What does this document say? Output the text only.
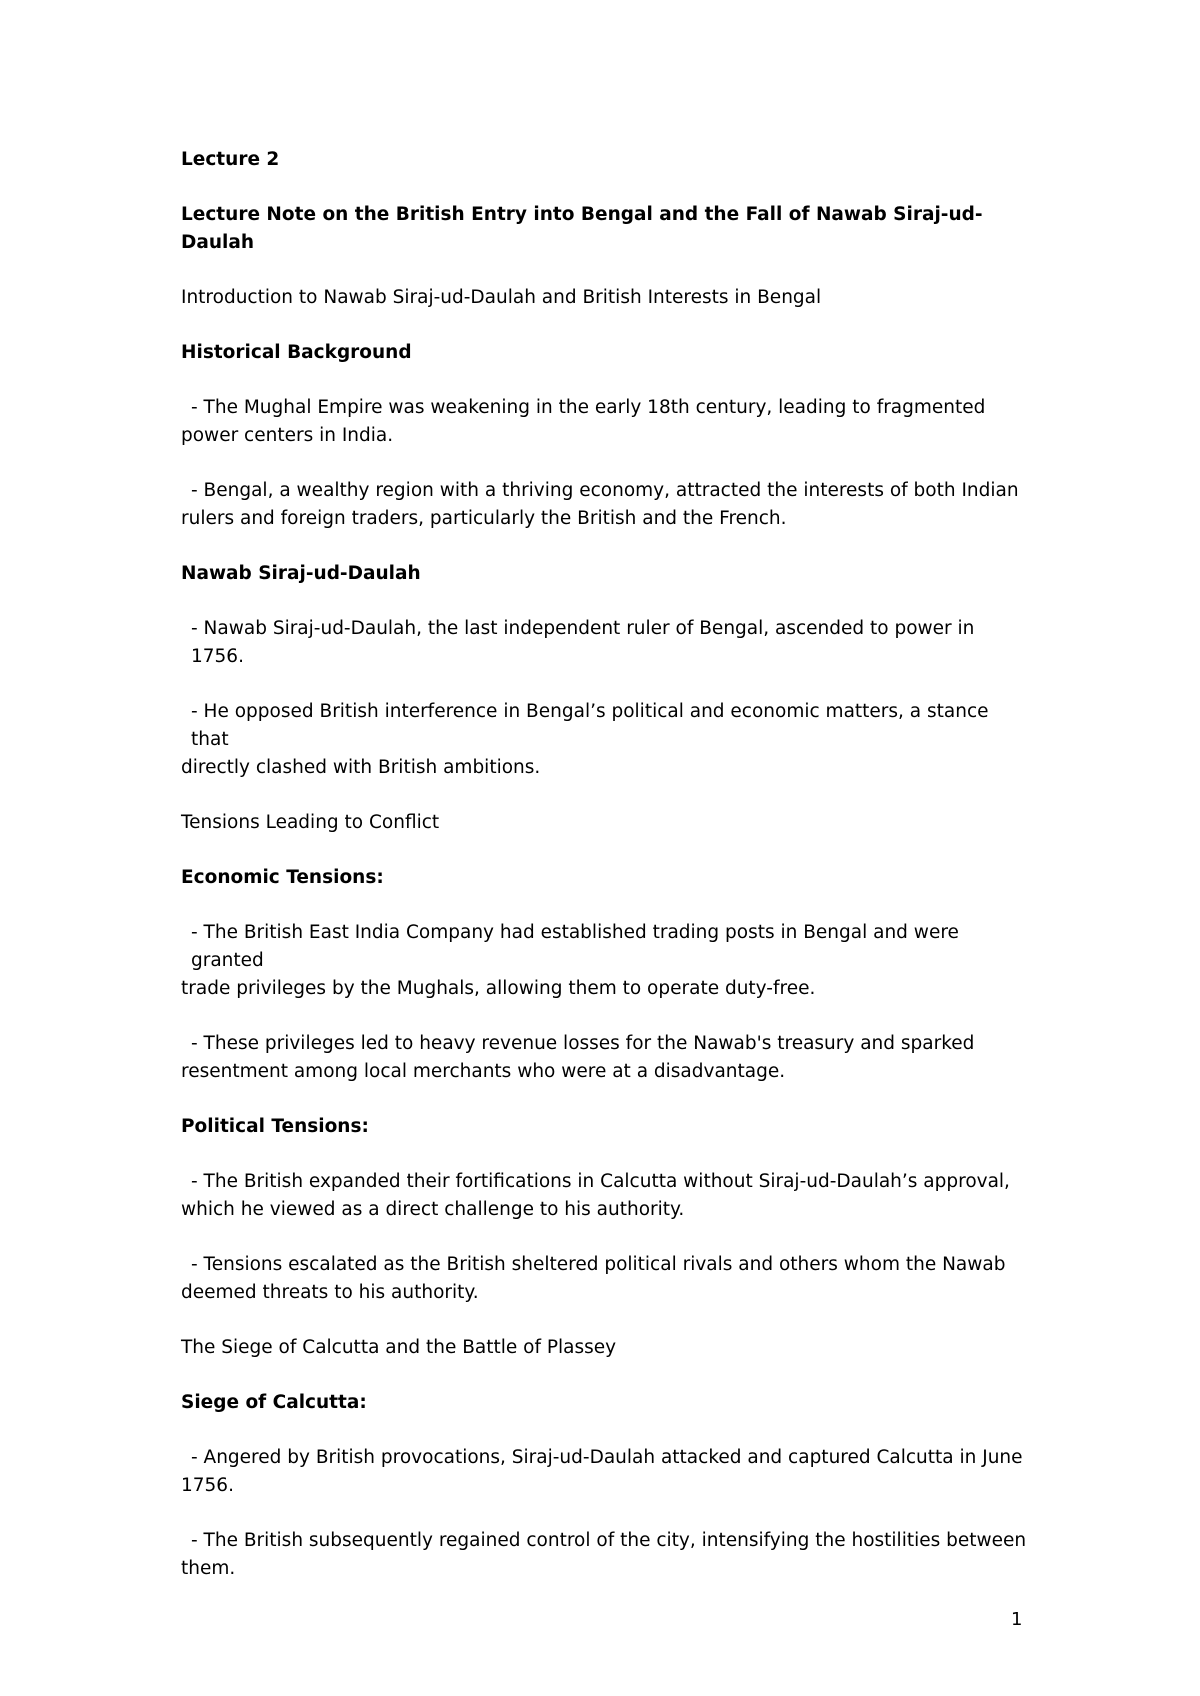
Lecture 2

Lecture Note on the British Entry into Bengal and the Fall of Nawab Siraj-ud-Daulah

Introduction to Nawab Siraj-ud-Daulah and British Interests in Bengal

Historical Background

- The Mughal Empire was weakening in the early 18th century, leading to fragmented

power centers in India.

- Bengal, a wealthy region with a thriving economy, attracted the interests of both Indian

rulers and foreign traders, particularly the British and the French.

Nawab Siraj-ud-Daulah

- Nawab Siraj-ud-Daulah, the last independent ruler of Bengal, ascended to power in 1756.

- He opposed British interference in Bengal’s political and economic matters, a stance that

directly clashed with British ambitions.

Tensions Leading to Conflict

Economic Tensions:

- The British East India Company had established trading posts in Bengal and were granted

trade privileges by the Mughals, allowing them to operate duty-free.

- These privileges led to heavy revenue losses for the Nawab's treasury and sparked

resentment among local merchants who were at a disadvantage.

Political Tensions:

- The British expanded their fortifications in Calcutta without Siraj-ud-Daulah’s approval,

which he viewed as a direct challenge to his authority.

- Tensions escalated as the British sheltered political rivals and others whom the Nawab

deemed threats to his authority.

The Siege of Calcutta and the Battle of Plassey

Siege of Calcutta:

- Angered by British provocations, Siraj-ud-Daulah attacked and captured Calcutta in June

1756.

- The British subsequently regained control of the city, intensifying the hostilities between

them.

1
